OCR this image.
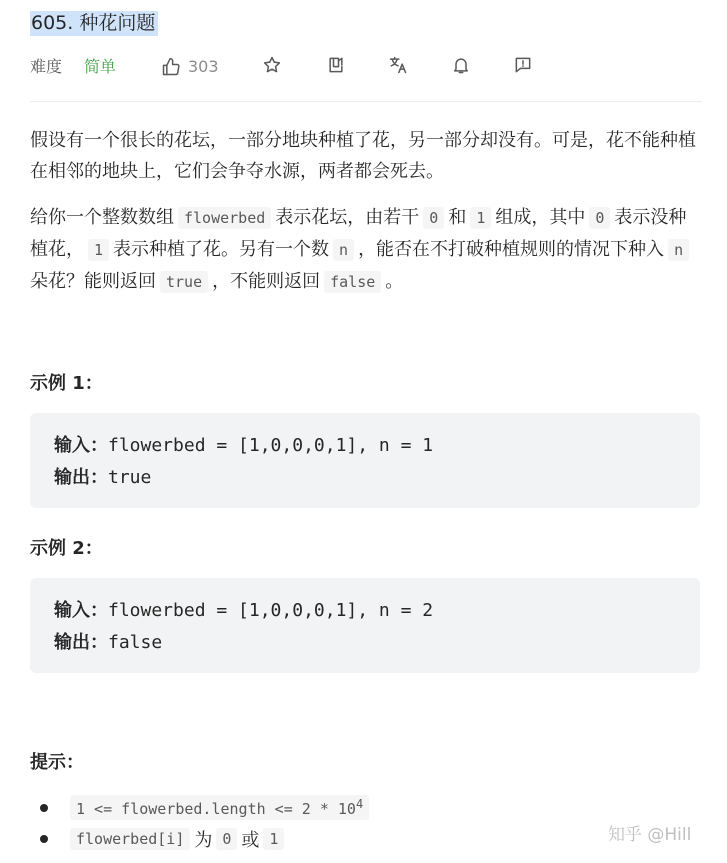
605. 种花问题
难度 简单	303
假设有一个很长的花坛，一部分地块种植了花，另一部分却没有。可是，花不能种植在相邻的地块上，它们会争夺水源，两者都会死去。
给你一个整数数组 flowerbed 表示花坛，由若干 0 和 1 组成，其中 0 表示没种植花， 1 表示种植了花。另有一个数 n ，能否在不打破种植规则的情况下种入 n朵花？能则返回 true ，不能则返回 false 。
示例 1：
输入：flowerbed = [1,0,0,0,1], n = 1
输出：true
示例 2：
输入：flowerbed = [1,0,0,0,1], n = 2
输出：false
提示：
1 <= flowerbed.length <= $2 * 10^4$
flowerbed[i] 为 0 或 1	知乎 @Hill
